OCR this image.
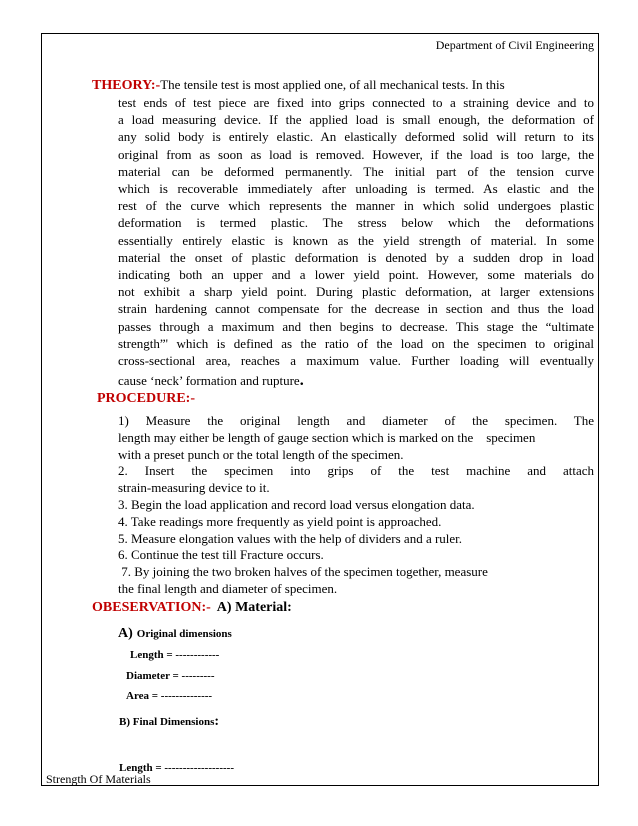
Department of Civil Engineering
THEORY:-The tensile test is most applied one, of all mechanical tests. In this
test ends of test piece are fixed into grips connected to a straining device and to
a load measuring device. If the applied load is small enough, the deformation of
any solid body is entirely elastic. An elastically deformed solid will return to its
original from as soon as load is removed. However, if the load is too large, the
material can be deformed permanently. The initial part of the tension curve
which is recoverable immediately after unloading is termed. As elastic and the
rest of the curve which represents the manner in which solid undergoes plastic
deformation is termed plastic. The stress below which the deformations
essentially entirely elastic is known as the yield strength of material. In some
material the onset of plastic deformation is denoted by a sudden drop in load
indicating both an upper and a lower yield point. However, some materials do
not exhibit a sharp yield point. During plastic deformation, at larger extensions
strain hardening cannot compensate for the decrease in section and thus the load
passes through a maximum and then begins to decrease. This stage the “ultimate
strength”' which is defined as the ratio of the load on the specimen to original
cross-sectional area, reaches a maximum value. Further loading will eventually
cause ‘neck’ formation and rupture.
PROCEDURE:-
1)  Measure  the  original  length  and  diameter  of  the  specimen.  The
length may either be length of gauge section which is marked on the    specimen
with a preset punch or the total length of the specimen.
2.  Insert  the  specimen  into  grips  of  the  test  machine  and  attach
strain-measuring device to it.
3. Begin the load application and record load versus elongation data.
4. Take readings more frequently as yield point is approached.
5. Measure elongation values with the help of dividers and a ruler.
6. Continue the test till Fracture occurs.
7. By joining the two broken halves of the specimen together, measure
the final length and diameter of specimen.
OBESERVATION:- A) Material:
A) Original dimensions
Length = ------------
Diameter = ---------
Area = --------------
B) Final Dimensions:
Length = -------------------
Strength Of Materials
